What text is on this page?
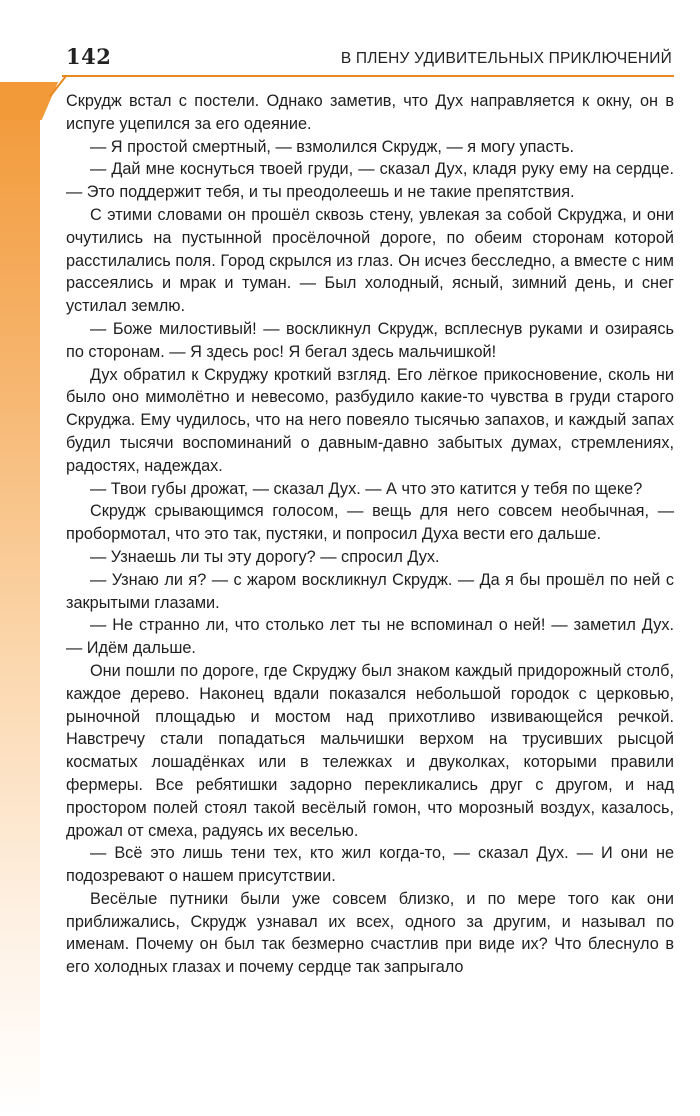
142	В ПЛЕНУ УДИВИТЕЛЬНЫХ ПРИКЛЮЧЕНИЙ

Скрудж встал с постели. Однако заметив, что Дух направляется к окну, он в испуге уцепился за его одеяние.

— Я простой смертный, — взмолился Скрудж, — я могу упасть.

— Дай мне коснуться твоей груди, — сказал Дух, кладя руку ему на сердце. — Это поддержит тебя, и ты преодолеешь и не такие препятствия.

С этими словами он прошёл сквозь стену, увлекая за собой Скруджа, и они очутились на пустынной просёлочной дороге, по обеим сторонам которой расстилались поля. Город скрылся из глаз. Он исчез бесследно, а вместе с ним рассеялись и мрак и туман. — Был холодный, ясный, зимний день, и снег устилал землю.

— Боже милостивый! — воскликнул Скрудж, всплеснув руками и озираясь по сторонам. — Я здесь рос! Я бегал здесь мальчишкой!

Дух обратил к Скруджу кроткий взгляд. Его лёгкое прикосновение, сколь ни было оно мимолётно и невесомо, разбудило какие-то чувства в груди старого Скруджа. Ему чудилось, что на него повеяло тысячью запахов, и каждый запах будил тысячи воспоминаний о давным-давно забытых думах, стремлениях, радостях, надеждах.

— Твои губы дрожат, — сказал Дух. — А что это катится у тебя по щеке?

Скрудж срывающимся голосом, — вещь для него совсем необычная, — пробормотал, что это так, пустяки, и попросил Духа вести его дальше.

— Узнаешь ли ты эту дорогу? — спросил Дух.

— Узнаю ли я? — с жаром воскликнул Скрудж. — Да я бы прошёл по ней с закрытыми глазами.

— Не странно ли, что столько лет ты не вспоминал о ней! — заметил Дух. — Идём дальше.

Они пошли по дороге, где Скруджу был знаком каждый придорожный столб, каждое дерево. Наконец вдали показался небольшой городок с церковью, рыночной площадью и мостом над прихотливо извивающейся речкой. Навстречу стали попадаться мальчишки верхом на трусивших рысцой косматых лошадёнках или в тележках и двуколках, которыми правили фермеры. Все ребятишки задорно перекликались друг с другом, и над простором полей стоял такой весёлый гомон, что морозный воздух, казалось, дрожал от смеха, радуясь их веселью.

— Всё это лишь тени тех, кто жил когда-то, — сказал Дух. — И они не подозревают о нашем присутствии.

Весёлые путники были уже совсем близко, и по мере того как они приближались, Скрудж узнавал их всех, одного за другим, и называл по именам. Почему он был так безмерно счастлив при виде их? Что блеснуло в его холодных глазах и почему сердце так запрыгало
